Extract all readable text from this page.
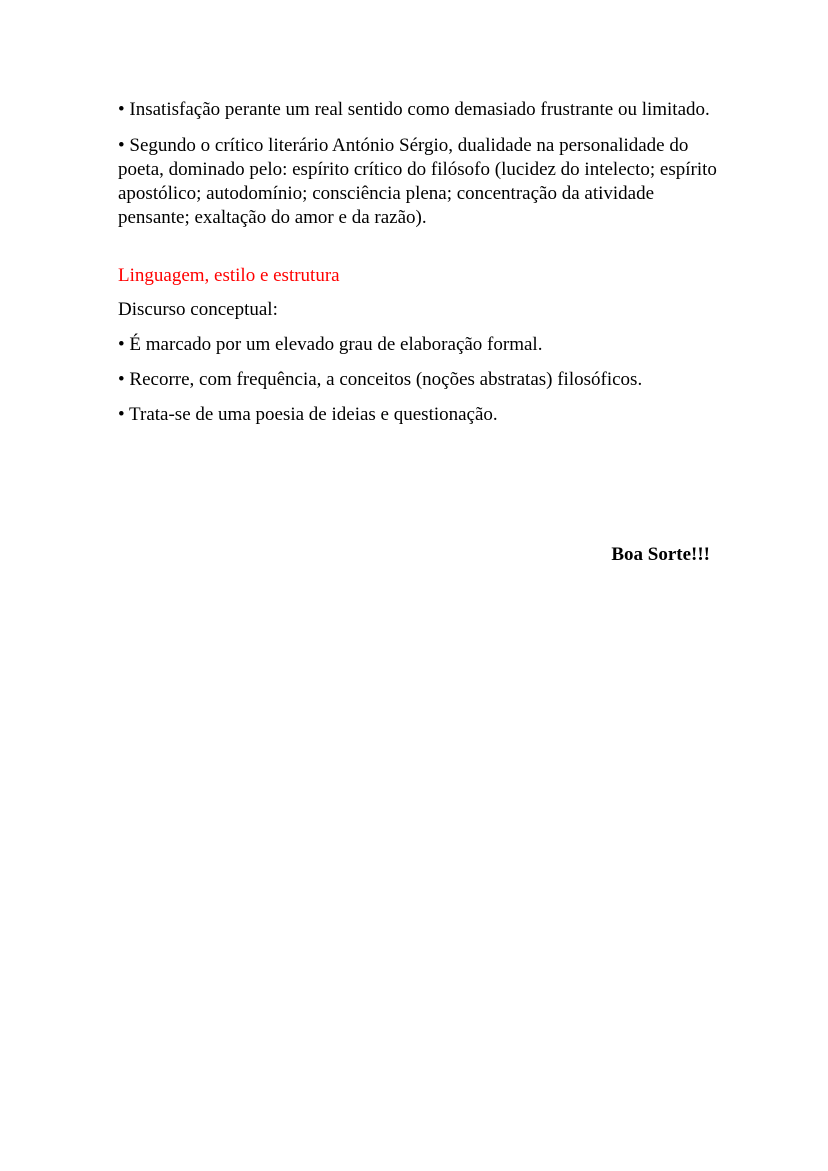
• Insatisfação perante um real sentido como demasiado frustrante ou limitado.

• Segundo o crítico literário António Sérgio, dualidade na personalidade do poeta, dominado pelo: espírito crítico do filósofo (lucidez do intelecto; espírito apostólico; autodomínio; consciência plena; concentração da atividade pensante; exaltação do amor e da razão).

Linguagem, estilo e estrutura

Discurso conceptual:

• É marcado por um elevado grau de elaboração formal.

• Recorre, com frequência, a conceitos (noções abstratas) filosóficos.

• Trata-se de uma poesia de ideias e questionação.

Boa Sorte!!!
